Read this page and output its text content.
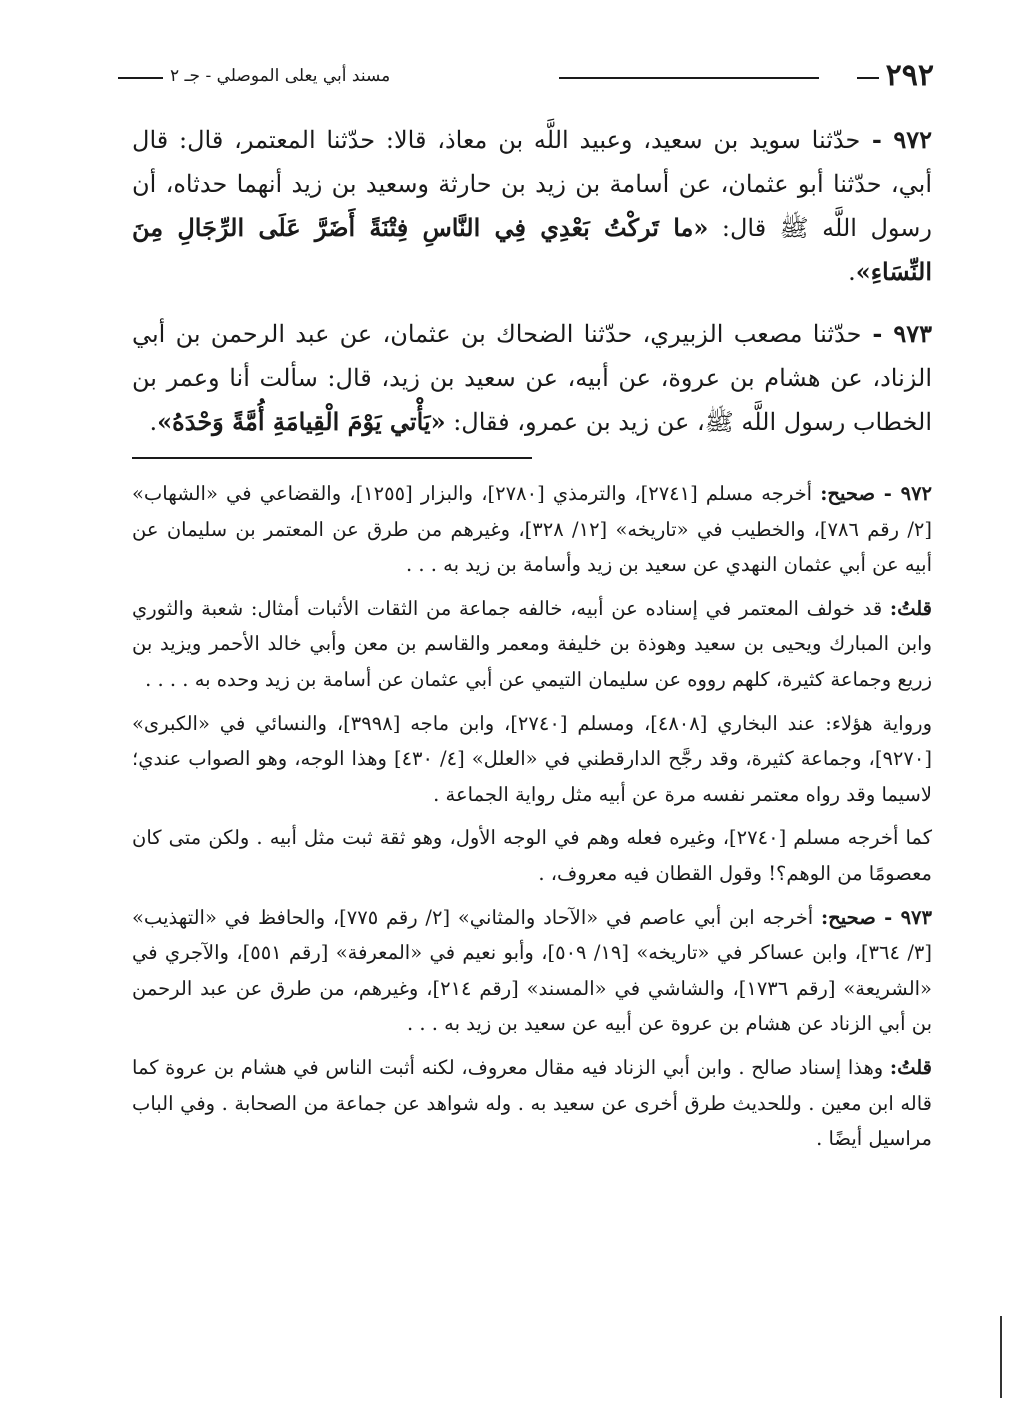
٢٩٢
مسند أبي يعلى الموصلي - جـ ٢

٩٧٢ - حدّثنا سويد بن سعيد، وعبيد اللَّه بن معاذ، قالا: حدّثنا المعتمر، قال: قال أبي، حدّثنا أبو عثمان، عن أسامة بن زيد بن حارثة وسعيد بن زيد أنهما حدثاه، أن رسول اللَّه ﷺ قال: «ما تَركْتُ بَعْدِي فِي النَّاسِ فِتْنَةً أَضَرَّ عَلَى الرِّجَالِ مِنَ النِّسَاءِ».

٩٧٣ - حدّثنا مصعب الزبيري، حدّثنا الضحاك بن عثمان، عن عبد الرحمن بن أبي الزناد، عن هشام بن عروة، عن أبيه، عن سعيد بن زيد، قال: سألت أنا وعمر بن الخطاب رسول اللَّه ﷺ، عن زيد بن عمرو، فقال: «يَأْتي يَوْمَ الْقِيامَةِ أُمَّةً وَحْدَهُ».

٩٧٢ - صحيح: أخرجه مسلم [٢٧٤١]، والترمذي [٢٧٨٠]، والبزار [١٢٥٥]، والقضاعي في «الشهاب» [٢/ رقم ٧٨٦]، والخطيب في «تاريخه» [١٢/ ٣٢٨]، وغيرهم من طرق عن المعتمر بن سليمان عن أبيه عن أبي عثمان النهدي عن سعيد بن زيد وأسامة بن زيد به . . .

قلتُ: قد خولف المعتمر في إسناده عن أبيه، خالفه جماعة من الثقات الأثبات أمثال: شعبة والثوري وابن المبارك ويحيى بن سعيد وهوذة بن خليفة ومعمر والقاسم بن معن وأبي خالد الأحمر ويزيد بن زريع وجماعة كثيرة، كلهم رووه عن سليمان التيمي عن أبي عثمان عن أسامة بن زيد وحده به . . . .

ورواية هؤلاء: عند البخاري [٤٨٠٨]، ومسلم [٢٧٤٠]، وابن ماجه [٣٩٩٨]، والنسائي في «الكبرى» [٩٢٧٠]، وجماعة كثيرة، وقد رجَّح الدارقطني في «العلل» [٤/ ٤٣٠] وهذا الوجه، وهو الصواب عندي؛ لاسيما وقد رواه معتمر نفسه مرة عن أبيه مثل رواية الجماعة .

كما أخرجه مسلم [٢٧٤٠]، وغيره فعله وهم في الوجه الأول، وهو ثقة ثبت مثل أبيه . ولكن متى كان معصومًا من الوهم؟! وقول القطان فيه معروف، .

٩٧٣ - صحيح: أخرجه ابن أبي عاصم في «الآحاد والمثاني» [٢/ رقم ٧٧٥]، والحافظ في «التهذيب» [٣/ ٣٦٤]، وابن عساكر في «تاريخه» [١٩/ ٥٠٩]، وأبو نعيم في «المعرفة» [رقم ٥٥١]، والآجري في «الشريعة» [رقم ١٧٣٦]، والشاشي في «المسند» [رقم ٢١٤]، وغيرهم، من طرق عن عبد الرحمن بن أبي الزناد عن هشام بن عروة عن أبيه عن سعيد بن زيد به . . .

قلتُ: وهذا إسناد صالح . وابن أبي الزناد فيه مقال معروف، لكنه أثبت الناس في هشام بن عروة كما قاله ابن معين . وللحديث طرق أخرى عن سعيد به . وله شواهد عن جماعة من الصحابة . وفي الباب مراسيل أيضًا .
